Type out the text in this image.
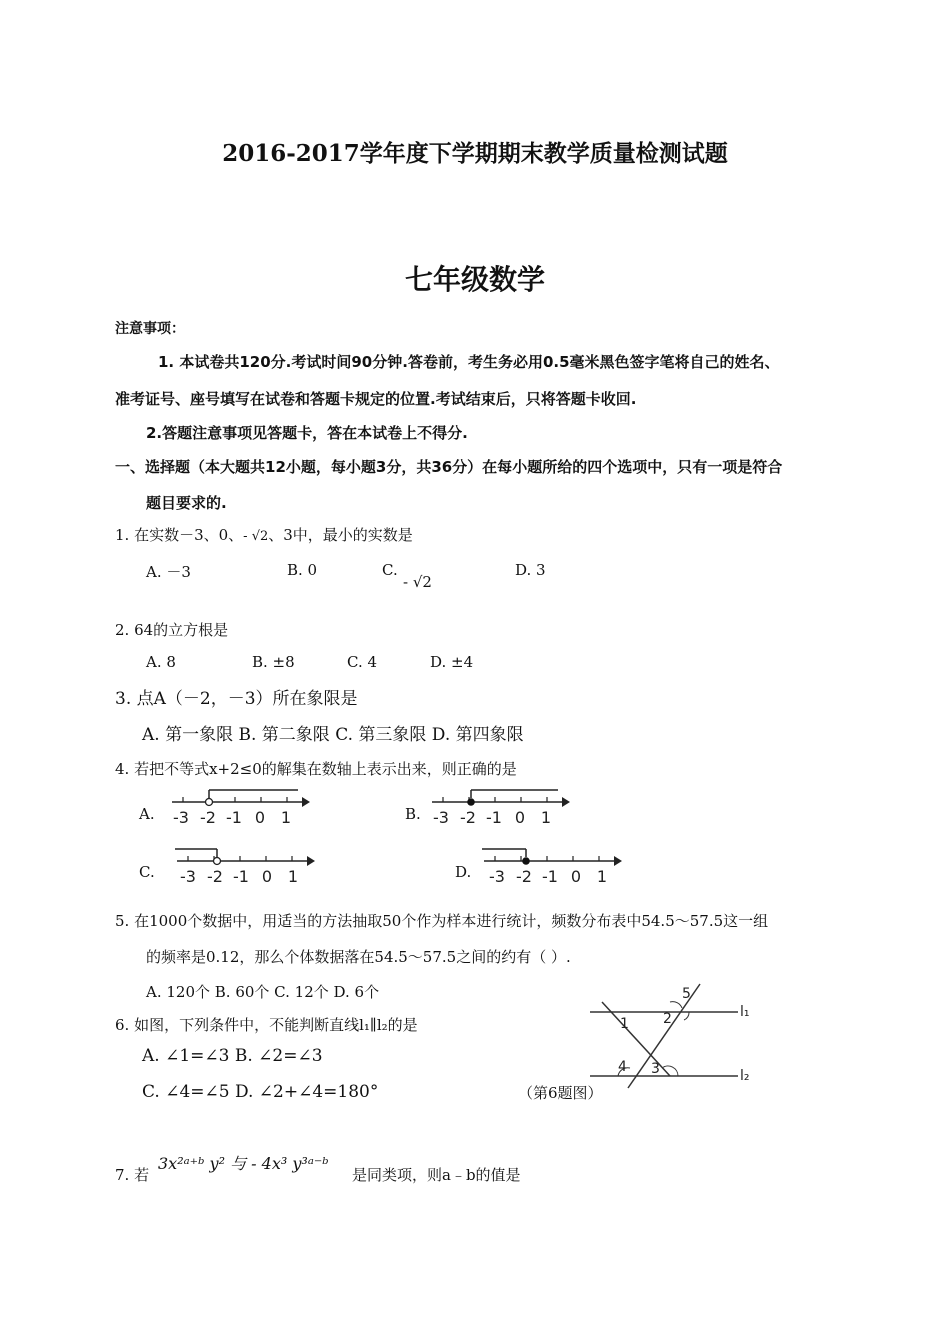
2016-2017学年度下学期期末教学质量检测试题
七年级数学
注意事项：
1. 本试卷共120分.考试时间90分钟.答卷前，考生务必用0.5毫米黑色签字笔将自己的姓名、
准考证号、座号填写在试卷和答题卡规定的位置.考试结束后，只将答题卡收回.
2.答题注意事项见答题卡，答在本试卷上不得分.
一、选择题（本大题共12小题，每小题3分，共36分）在每小题所给的四个选项中，只有一项是符合
题目要求的.
1. 在实数－3、0、- √2、3中，最小的实数是
A. －3	B. 0	C.
- √2
D. 3
2. 64的立方根是
A. 8	B. ±8	C. 4	D. ±4
3. 点A（－2，－3）所在象限是
A. 第一象限 B. 第二象限 C. 第三象限 D. 第四象限
4. 若把不等式x+2≤0的解集在数轴上表示出来，则正确的是
A. -3 -2 -1 0 1	B. -3 -2 -1 0 1
C. -3 -2 -1 0 1	D. -3 -2 -1 0 1
5. 在1000个数据中，用适当的方法抽取50个作为样本进行统计，频数分布表中54.5～57.5这一组
的频率是0.12，那么个体数据落在54.5～57.5之间的约有（ ）.
A. 120个 B. 60个 C. 12个 D. 6个
6. 如图，下列条件中，不能判断直线l₁∥l₂的是
A. ∠1=∠3 B. ∠2=∠3
C. ∠4=∠5 D. ∠2+∠4=180°	（第6题图）
1 2
3
4
5
l₁
l₂
7. 若
3x²ᵃ⁺ᵇ y² 与 - 4x³ y³ᵃ⁻ᵇ
是同类项，则a﹣b的值是
